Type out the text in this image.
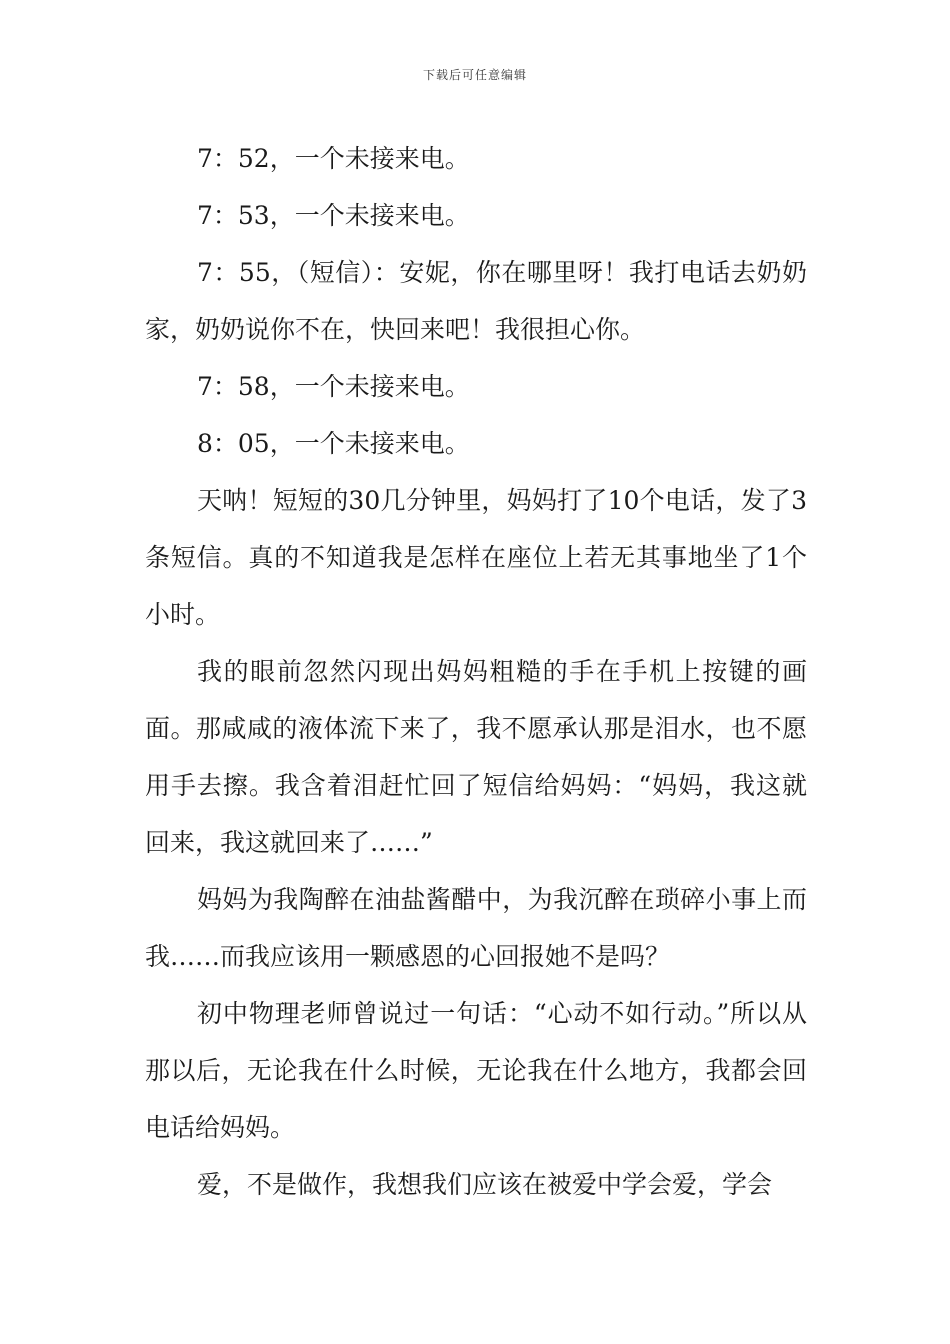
下载后可任意编辑

7：52，一个未接来电。

7：53，一个未接来电。

7：55，（短信）：安妮，你在哪里呀！我打电话去奶奶家，奶奶说你不在，快回来吧！我很担心你。

7：58，一个未接来电。

8：05，一个未接来电。

天呐！短短的30几分钟里，妈妈打了10个电话，发了3条短信。真的不知道我是怎样在座位上若无其事地坐了1个小时。

我的眼前忽然闪现出妈妈粗糙的手在手机上按键的画面。那咸咸的液体流下来了，我不愿承认那是泪水，也不愿用手去擦。我含着泪赶忙回了短信给妈妈：“妈妈，我这就回来，我这就回来了……”

妈妈为我陶醉在油盐酱醋中，为我沉醉在琐碎小事上而我……而我应该用一颗感恩的心回报她不是吗？

初中物理老师曾说过一句话：“心动不如行动。”所以从那以后，无论我在什么时候，无论我在什么地方，我都会回电话给妈妈。

爱，不是做作，我想我们应该在被爱中学会爱，学会
